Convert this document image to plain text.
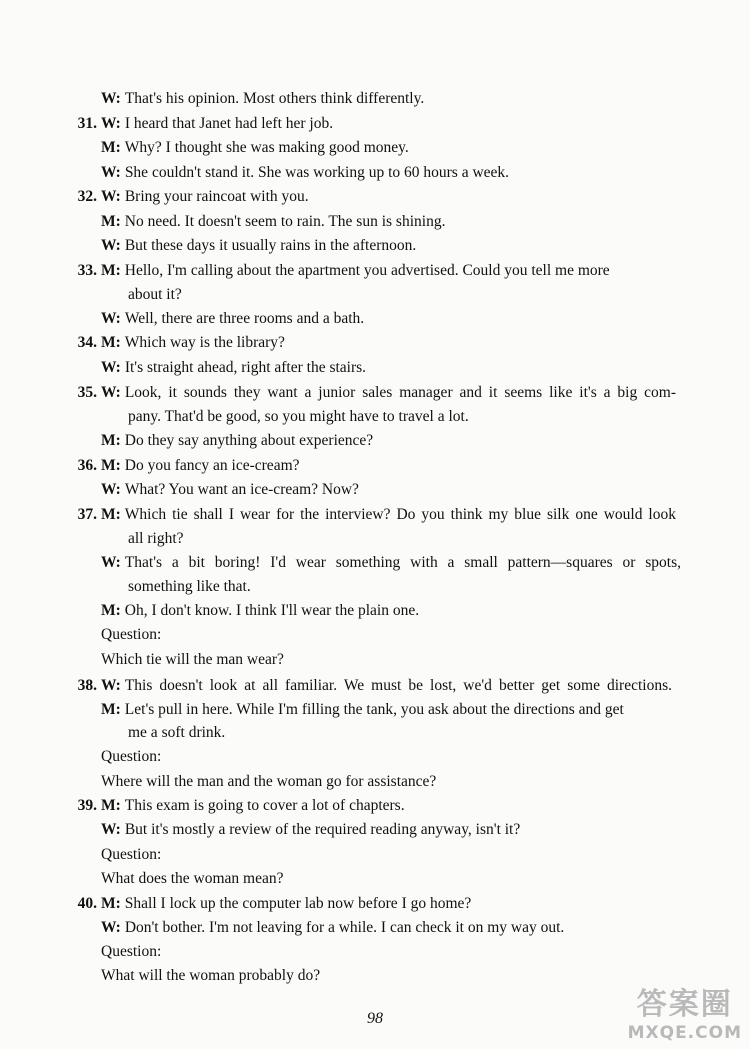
W: That's his opinion. Most others think differently.
31. W: I heard that Janet had left her job.
M: Why? I thought she was making good money.
W: She couldn't stand it. She was working up to 60 hours a week.
32. W: Bring your raincoat with you.
M: No need. It doesn't seem to rain. The sun is shining.
W: But these days it usually rains in the afternoon.
33. M: Hello, I'm calling about the apartment you advertised. Could you tell me more
about it?
W: Well, there are three rooms and a bath.
34. M: Which way is the library?
W: It's straight ahead, right after the stairs.
35. W: Look, it sounds they want a junior sales manager and it seems like it's a big com-
pany. That'd be good, so you might have to travel a lot.
M: Do they say anything about experience?
36. M: Do you fancy an ice-cream?
W: What? You want an ice-cream? Now?
37. M: Which tie shall I wear for the interview? Do you think my blue silk one would look
all right?
W: That's a bit boring! I'd wear something with a small pattern—squares or spots,
something like that.
M: Oh, I don't know. I think I'll wear the plain one.
Question:
Which tie will the man wear?
38. W: This doesn't look at all familiar. We must be lost, we'd better get some directions.
M: Let's pull in here. While I'm filling the tank, you ask about the directions and get
me a soft drink.
Question:
Where will the man and the woman go for assistance?
39. M: This exam is going to cover a lot of chapters.
W: But it's mostly a review of the required reading anyway, isn't it?
Question:
What does the woman mean?
40. M: Shall I lock up the computer lab now before I go home?
W: Don't bother. I'm not leaving for a while. I can check it on my way out.
Question:
What will the woman probably do?
98	答案圈
MXQE.COM
